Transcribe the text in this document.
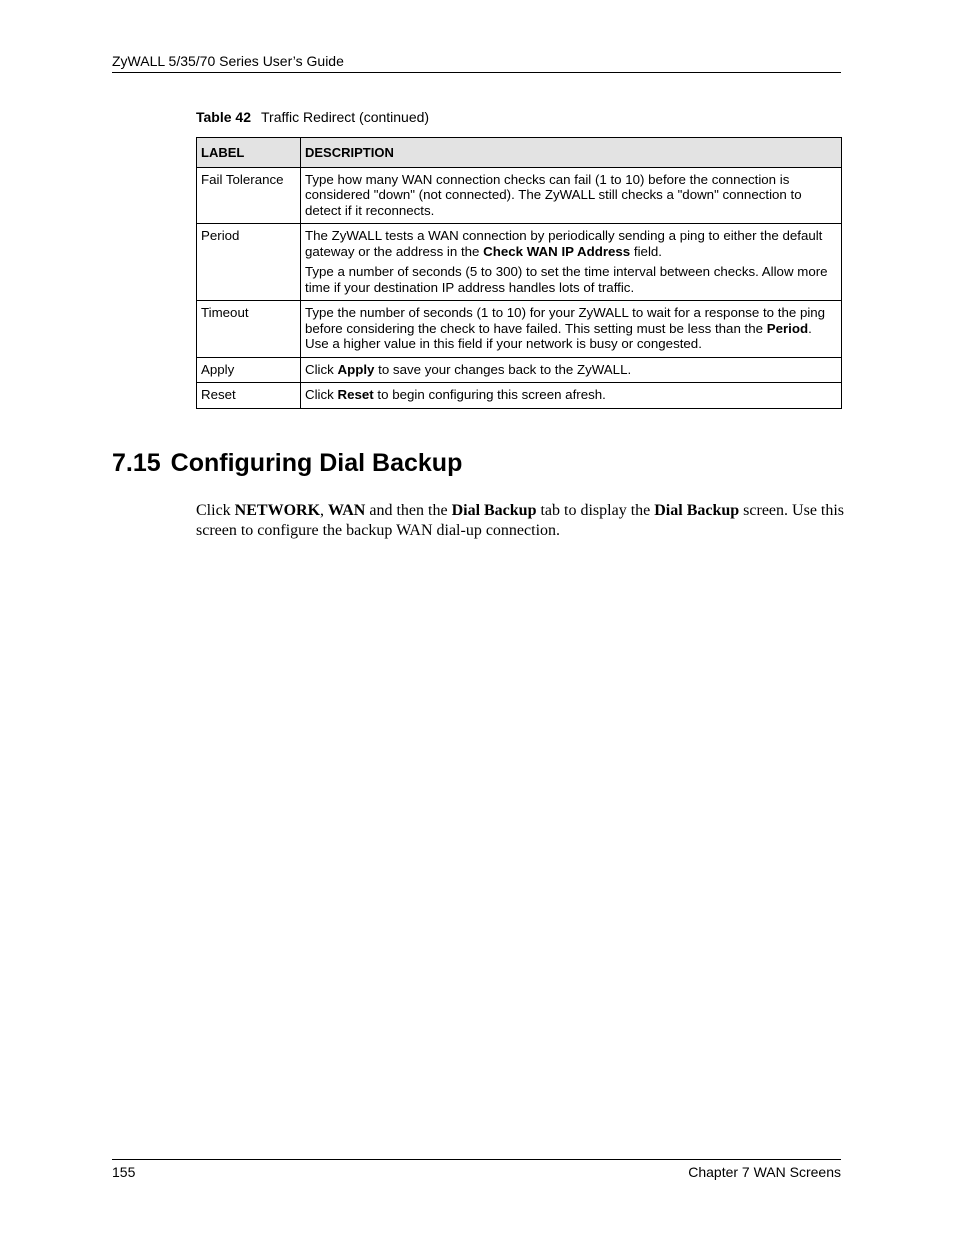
ZyWALL 5/35/70 Series User’s Guide
Table 42 Traffic Redirect (continued)
LABEL	DESCRIPTION
Fail Tolerance	Type how many WAN connection checks can fail (1 to 10) before the connection is considered "down" (not connected). The ZyWALL still checks a "down" connection to detect if it reconnects.

Period	The ZyWALL tests a WAN connection by periodically sending a ping to either the default gateway or the address in the Check WAN IP Address field.

Type a number of seconds (5 to 300) to set the time interval between checks. Allow more time if your destination IP address handles lots of traffic.

Timeout	Type the number of seconds (1 to 10) for your ZyWALL to wait for a response to the ping before considering the check to have failed. This setting must be less than the Period. Use a higher value in this field if your network is busy or congested.

Apply	Click Apply to save your changes back to the ZyWALL.

Reset	Click Reset to begin configuring this screen afresh.

7.15 Configuring Dial Backup

Click NETWORK, WAN and then the Dial Backup tab to display the Dial Backup screen. Use this screen to configure the backup WAN dial-up connection.

155	Chapter 7 WAN Screens
